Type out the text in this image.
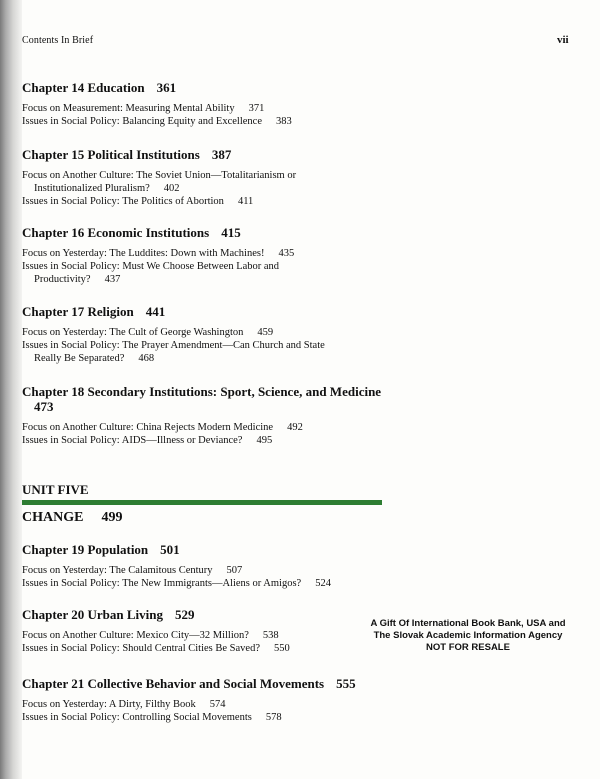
Contents In Brief	vii
UNIT FIVE
CHANGE 499
Chapter 14 Education 361
Focus on Measurement: Measuring Mental Ability 371
Issues in Social Policy: Balancing Equity and Excellence 383
Chapter 15 Political Institutions 387
Focus on Another Culture: The Soviet Union—Totalitarianism or
Institutionalized Pluralism? 402
Issues in Social Policy: The Politics of Abortion 411
Chapter 16 Economic Institutions 415
Focus on Yesterday: The Luddites: Down with Machines! 435
Issues in Social Policy: Must We Choose Between Labor and
Productivity? 437
Chapter 17 Religion 441
Focus on Yesterday: The Cult of George Washington 459
Issues in Social Policy: The Prayer Amendment—Can Church and State
Really Be Separated? 468
Chapter 18 Secondary Institutions: Sport, Science, and Medicine473
Focus on Another Culture: China Rejects Modern Medicine 492
Issues in Social Policy: AIDS—Illness or Deviance? 495
Chapter 19 Population 501
Focus on Yesterday: The Calamitous Century 507
Issues in Social Policy: The New Immigrants—Aliens or Amigos? 524
Chapter 20 Urban Living 529
Focus on Another Culture: Mexico City—32 Million? 538
Issues in Social Policy: Should Central Cities Be Saved? 550
Chapter 21 Collective Behavior and Social Movements 555
Focus on Yesterday: A Dirty, Filthy Book 574
Issues in Social Policy: Controlling Social Movements 578
A Gift Of International Book Bank, USA and
The Slovak Academic Information Agency
NOT FOR RESALE
